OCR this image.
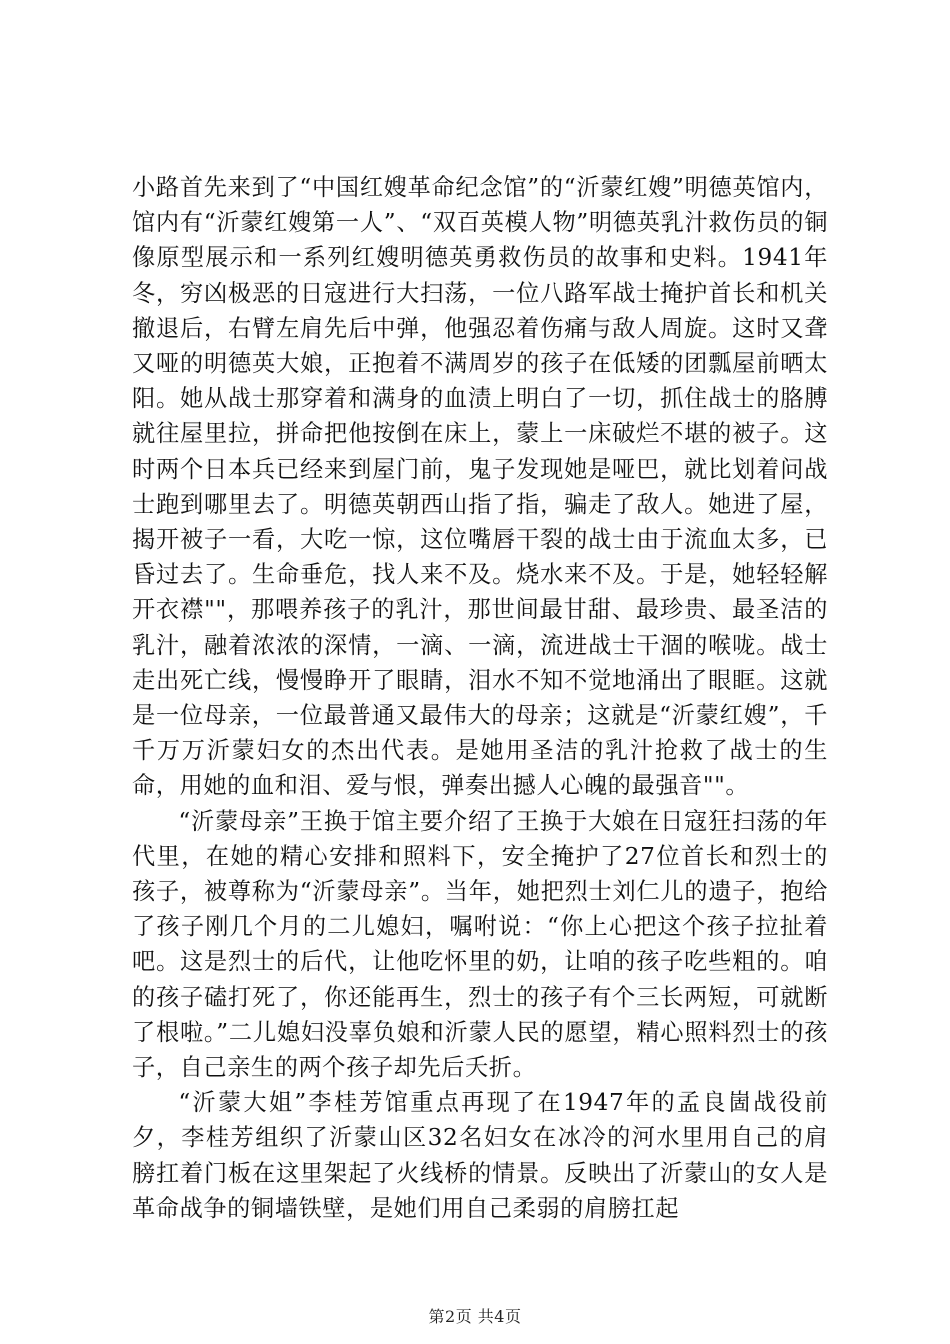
小路首先来到了“中国红嫂革命纪念馆”的“沂蒙红嫂”明德英馆内，馆内有“沂蒙红嫂第一人”、“双百英模人物”明德英乳汁救伤员的铜像原型展示和一系列红嫂明德英勇救伤员的故事和史料。1941年冬，穷凶极恶的日寇进行大扫荡，一位八路军战士掩护首长和机关撤退后，右臂左肩先后中弹，他强忍着伤痛与敌人周旋。这时又聋又哑的明德英大娘，正抱着不满周岁的孩子在低矮的团瓢屋前晒太阳。她从战士那穿着和满身的血渍上明白了一切，抓住战士的胳膊就往屋里拉，拼命把他按倒在床上，蒙上一床破烂不堪的被子。这时两个日本兵已经来到屋门前，鬼子发现她是哑巴，就比划着问战士跑到哪里去了。明德英朝西山指了指，骗走了敌人。她进了屋，揭开被子一看，大吃一惊，这位嘴唇干裂的战士由于流血太多，已昏过去了。生命垂危，找人来不及。烧水来不及。于是，她轻轻解开衣襟""，那喂养孩子的乳汁，那世间最甘甜、最珍贵、最圣洁的乳汁，融着浓浓的深情，一滴、一滴，流进战士干涸的喉咙。战士走出死亡线，慢慢睁开了眼睛，泪水不知不觉地涌出了眼眶。这就是一位母亲，一位最普通又最伟大的母亲；这就是“沂蒙红嫂”，千千万万沂蒙妇女的杰出代表。是她用圣洁的乳汁抢救了战士的生命，用她的血和泪、爱与恨，弹奏出撼人心魄的最强音""。

“沂蒙母亲”王换于馆主要介绍了王换于大娘在日寇狂扫荡的年代里，在她的精心安排和照料下，安全掩护了27位首长和烈士的孩子，被尊称为“沂蒙母亲”。当年，她把烈士刘仁儿的遗子，抱给了孩子刚几个月的二儿媳妇，嘱咐说：“你上心把这个孩子拉扯着吧。这是烈士的后代，让他吃怀里的奶，让咱的孩子吃些粗的。咱的孩子磕打死了，你还能再生，烈士的孩子有个三长两短，可就断了根啦。”二儿媳妇没辜负娘和沂蒙人民的愿望，精心照料烈士的孩子，自己亲生的两个孩子却先后夭折。

“沂蒙大姐”李桂芳馆重点再现了在1947年的孟良崮战役前夕，李桂芳组织了沂蒙山区32名妇女在冰冷的河水里用自己的肩膀扛着门板在这里架起了火线桥的情景。反映出了沂蒙山的女人是革命战争的铜墙铁壁，是她们用自己柔弱的肩膀扛起

第2页 共4页
